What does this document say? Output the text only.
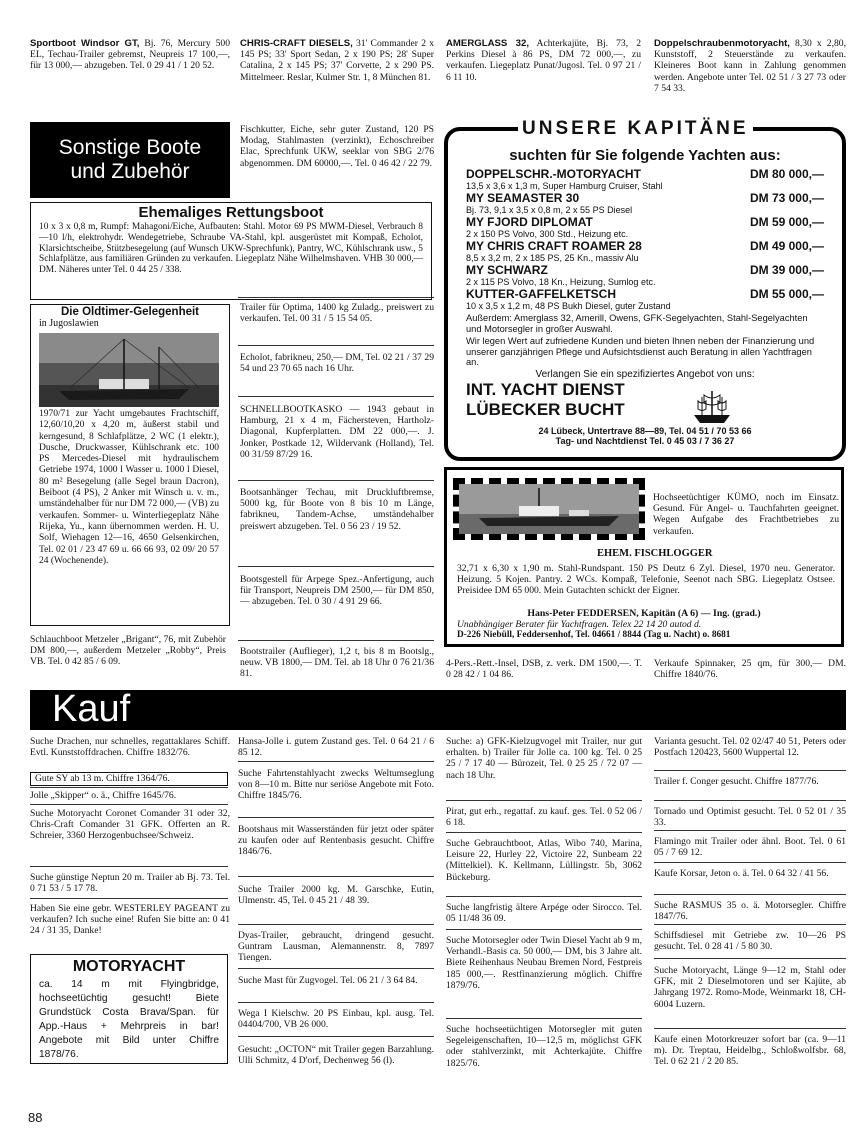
Sportboot Windsor GT, Bj. 76, Mercury 500 EL, Techau-Trailer gebremst, Neupreis 17 100,—, für 13 000,— abzugeben. Tel. 0 29 41 / 1 20 52.
CHRIS-CRAFT DIESELS, 31' Commander 2 x 145 PS; 33' Sport Sedan, 2 x 190 PS; 28' Super Catalina, 2 x 145 PS; 37' Corvette, 2 x 290 PS. Mittelmeer. Reslar, Kulmer Str. 1, 8 München 81.
AMERGLASS 32, Achterkajüte, Bj. 73, 2 Perkins Diesel à 86 PS, DM 72 000,—, zu verkaufen. Liegeplatz Punat/Jugosl. Tel. 0 97 21 / 6 11 10.
Doppelschraubenmotoryacht, 8,30 x 2,80, Kunststoff, 2 Steuerstände zu verkaufen. Kleineres Boot kann in Zahlung genommen werden. Angebote unter Tel. 02 51 / 3 27 73 oder 7 54 33.
Sonstige Boote und Zubehör
Fischkutter, Eiche, sehr guter Zustand, 120 PS Modag, Stahlmasten (verzinkt), Echoschreiber Elac, Sprechfunk UKW, seeklar von SBG 2/76 abgenommen. DM 60000,—. Tel. 0 46 42 / 22 79.
Ehemaliges Rettungsboot
10 x 3 x 0,8 m, Rumpf: Mahagoni/Eiche, Aufbauten: Stahl. Motor 69 PS MWM-Diesel, Verbrauch 8—10 l/h, elektrohydr. Wendegetriebe, Schraube VA-Stahl, kpl. ausgerüstet mit Kompaß, Echolot, Klarsichtscheibe, Stützbesegelung (auf Wunsch UKW-Sprechfunk), Pantry, WC, Kühlschrank usw., 5 Schlafplätze, aus familiären Gründen zu verkaufen. Liegeplatz Nähe Wilhelmshaven. VHB 30 000,— DM. Näheres unter Tel. 0 44 25 / 338.
Die Oldtimer-Gelegenheit
in Jugoslawien
1970/71 zur Yacht umgebautes Frachtschiff, 12,60/10,20 x 4,20 m, äußerst stabil und kerngesund, 8 Schlafplätze, 2 WC (1 elektr.), Dusche, Druckwasser, Kühlschrank etc. 100 PS Mercedes-Diesel mit hydraulischem Getriebe 1974, 1000 l Wasser u. 1000 l Diesel, 80 m² Besegelung (alle Segel braun Dacron), Beiboot (4 PS), 2 Anker mit Winsch u. v. m., umständehalber für nur DM 72 000,— (VB) zu verkaufen. Sommer- u. Winterliegeplatz Nähe Rijeka, Yu., kann übernommen werden. H. U. Solf, Wiehagen 12—16, 4650 Gelsenkirchen, Tel. 02 01 / 23 47 69 u. 66 66 93, 02 09/ 20 57 24 (Wochenende).
Schlauchboot Metzeler „Brigant“, 76, mit Zubehör DM 800,—, außerdem Metzeler „Robby“, Preis VB. Tel. 0 42 85 / 6 09.
Trailer für Optima, 1400 kg Zuladg., preiswert zu verkaufen. Tel. 00 31 / 5 15 54 05.
Echolot, fabrikneu, 250,— DM, Tel. 02 21 / 37 29 54 und 23 70 65 nach 16 Uhr.
SCHNELLBOOTKASKO — 1943 gebaut in Hamburg, 21 x 4 m, Fächersteven, Hartholz-Diagonal, Kupferplatten. DM 22 000,—. J. Jonker, Postkade 12, Wildervank (Holland), Tel. 00 31/59 87/29 16.
Bootsanhänger Techau, mit Druckluftbremse, 5000 kg, für Boote von 8 bis 10 m Länge, fabrikneu, Tandem-Achse, umständehalber preiswert abzugeben. Tel. 0 56 23 / 19 52.
Bootsgestell für Arpege Spez.-Anfertigung, auch für Transport, Neupreis DM 2500,— für DM 850,— abzugeben. Tel. 0 30 / 4 91 29 66.
Bootstrailer (Auflieger), 1,2 t, bis 8 m Bootslg., neuw. VB 1800,— DM. Tel. ab 18 Uhr 0 76 21/36 81.
UNSERE KAPITÄNE
suchten für Sie folgende Yachten aus:
DOPPELSCHR.-MOTORYACHT	DM 80 000,—
13,5 x 3,6 x 1,3 m, Super Hamburg Cruiser, Stahl
MY SEAMASTER 30	DM 73 000,—
Bj. 73, 9,1 x 3,5 x 0,8 m, 2 x 55 PS Diesel
MY FJORD DIPLOMAT	DM 59 000,—
2 x 150 PS Volvo, 300 Std., Heizung etc.
MY CHRIS CRAFT ROAMER 28	DM 49 000,—
8,5 x 3,2 m, 2 x 185 PS, 25 Kn., massiv Alu
MY SCHWARZ	DM 39 000,—
2 x 115 PS Volvo, 18 Kn., Heizung, Sumlog etc.
KUTTER-GAFFELKETSCH	DM 55 000,—
10 x 3,5 x 1,2 m, 48 PS Bukh Diesel, guter Zustand
Außerdem: Amerglass 32, Amerill, Owens, GFK-Segelyachten, Stahl-Segelyachten und Motorsegler in großer Auswahl.
Wir legen Wert auf zufriedene Kunden und bieten Ihnen neben der Finanzierung und unserer ganzjährigen Pflege und Aufsichtsdienst auch Beratung in allen Yachtfragen an.
Verlangen Sie ein spezifiziertes Angebot von uns:
INT. YACHT DIENST
LÜBECKER BUCHT
24 Lübeck, Untertrave 88—89, Tel. 04 51 / 70 53 66
Tag- und Nachtdienst Tel. 0 45 03 / 7 36 27
Hochseetüchtiger KÜMO, noch im Einsatz. Gesund. Für Angel- u. Tauchfahrten geeignet. Wegen Aufgabe des Frachtbetriebes zu verkaufen.
EHEM. FISCHLOGGER
32,71 x 6,30 x 1,90 m. Stahl-Rundspant. 150 PS Deutz 6 Zyl. Diesel, 1970 neu. Generator. Heizung. 5 Kojen. Pantry. 2 WCs. Kompaß, Telefonie, Seenot nach SBG. Liegeplatz Ostsee. Preisidee DM 65 000. Mein Gutachten schickt der Eigner.
Hans-Peter FEDDERSEN, Kapitän (A 6) — Ing. (grad.)
Unabhängiger Berater für Yachtfragen. Telex 22 14 20 autod d.
D-226 Niebüll, Feddersenhof, Tel. 04661 / 8844 (Tag u. Nacht) o. 8681
4-Pers.-Rett.-Insel, DSB, z. verk. DM 1500,—. T. 0 28 42 / 1 04 86.
Verkaufe Spinnaker, 25 qm, für 300,— DM. Chiffre 1840/76.
Kauf
Suche Drachen, nur schnelles, regattaklares Schiff. Evtl. Kunststoffdrachen. Chiffre 1832/76.
Gute SY ab 13 m. Chiffre 1364/76.
Jolle „Skipper“ o. ä., Chiffre 1645/76.
Suche Motoryacht Coronet Comander 31 oder 32, Chris-Craft Comander 31 GFK. Offerten an R. Schreier, 3360 Herzogenbuchsee/Schweiz.
Suche günstige Neptun 20 m. Trailer ab Bj. 73. Tel. 0 71 53 / 5 17 78.
Haben Sie eine gebr. WESTERLEY PAGEANT zu verkaufen? Ich suche eine! Rufen Sie bitte an: 0 41 24 / 31 35, Danke!
MOTORYACHT
ca. 14 m mit Flyingbridge, hochseetüchtig gesucht! Biete Grundstück Costa Brava/Span. für App.-Haus + Mehrpreis in bar! Angebote mit Bild unter Chiffre 1878/76.
Hansa-Jolle i. gutem Zustand ges. Tel. 0 64 21 / 6 85 12.
Suche Fahrtenstahlyacht zwecks Weltumseglung von 8—10 m. Bitte nur seriöse Angebote mit Foto. Chiffre 1845/76.
Bootshaus mit Wasserständen für jetzt oder später zu kaufen oder auf Rentenbasis gesucht. Chiffre 1846/76.
Suche Trailer 2000 kg. M. Garschke, Eutin, Ulmenstr. 45, Tel. 0 45 21 / 48 39.
Dyas-Trailer, gebraucht, dringend gesucht. Guntram Lausman, Alemannenstr. 8, 7897 Tiengen.
Suche Mast für Zugvogel. Tel. 06 21 / 3 64 84.
Wega I Kielschw. 20 PS Einbau, kpl. ausg. Tel. 04404/700, VB 26 000.
Gesucht: „OCTON“ mit Trailer gegen Barzahlung. Ulli Schmitz, 4 D'orf, Dechenweg 56 (l).
Suche: a) GFK-Kielzugvogel mit Trailer, nur gut erhalten. b) Trailer für Jolle ca. 100 kg. Tel. 0 25 25 / 7 17 40 — Bürozeit, Tel. 0 25 25 / 72 07 — nach 18 Uhr.
Pirat, gut erh., regattaf. zu kauf. ges. Tel. 0 52 06 / 6 18.
Suche Gebrauchtboot, Atlas, Wibo 740, Marina, Leisure 22, Hurley 22, Victoire 22, Sunbeam 22 (Mittelkiel). K. Kellmann, Lüllingstr. 5b, 3062 Bückeburg.
Suche langfristig ältere Arpége oder Sirocco. Tel. 05 11/48 36 09.
Suche Motorsegler oder Twin Diesel Yacht ab 9 m, Verhandl.-Basis ca. 50 000,— DM, bis 3 Jahre alt. Biete Reihenhaus Neubau Bremen Nord, Festpreis 185 000,—. Restfinanzierung möglich. Chiffre 1879/76.
Suche hochseetüchtigen Motorsegler mit guten Segeleigenschaften, 10—12,5 m, möglichst GFK oder stahlverzinkt, mit Achterkajüte. Chiffre 1825/76.
Varianta gesucht. Tel. 02 02/47 40 51, Peters oder Postfach 120423, 5600 Wuppertal 12.
Trailer f. Conger gesucht. Chiffre 1877/76.
Tornado und Optimist gesucht. Tel. 0 52 01 / 35 33.
Flamingo mit Trailer oder ähnl. Boot. Tel. 0 61 05 / 7 69 12.
Kaufe Korsar, Jeton o. ä. Tel. 0 64 32 / 41 56.
Suche RASMUS 35 o. ä. Motorsegler. Chiffre 1847/76.
Schiffsdiesel mit Getriebe zw. 10—26 PS gesucht. Tel. 0 28 41 / 5 80 30.
Suche Motoryacht, Länge 9—12 m, Stahl oder GFK, mit 2 Dieselmotoren und ser Kajüte, ab Jahrgang 1972. Romo-Mode, Weinmarkt 18, CH-6004 Luzern.
Kaufe einen Motorkreuzer sofort bar (ca. 9—11 m). Dr. Treptau, Heidelbg., Schloßwolfsbr. 68, Tel. 0 62 21 / 2 20 85.
88
